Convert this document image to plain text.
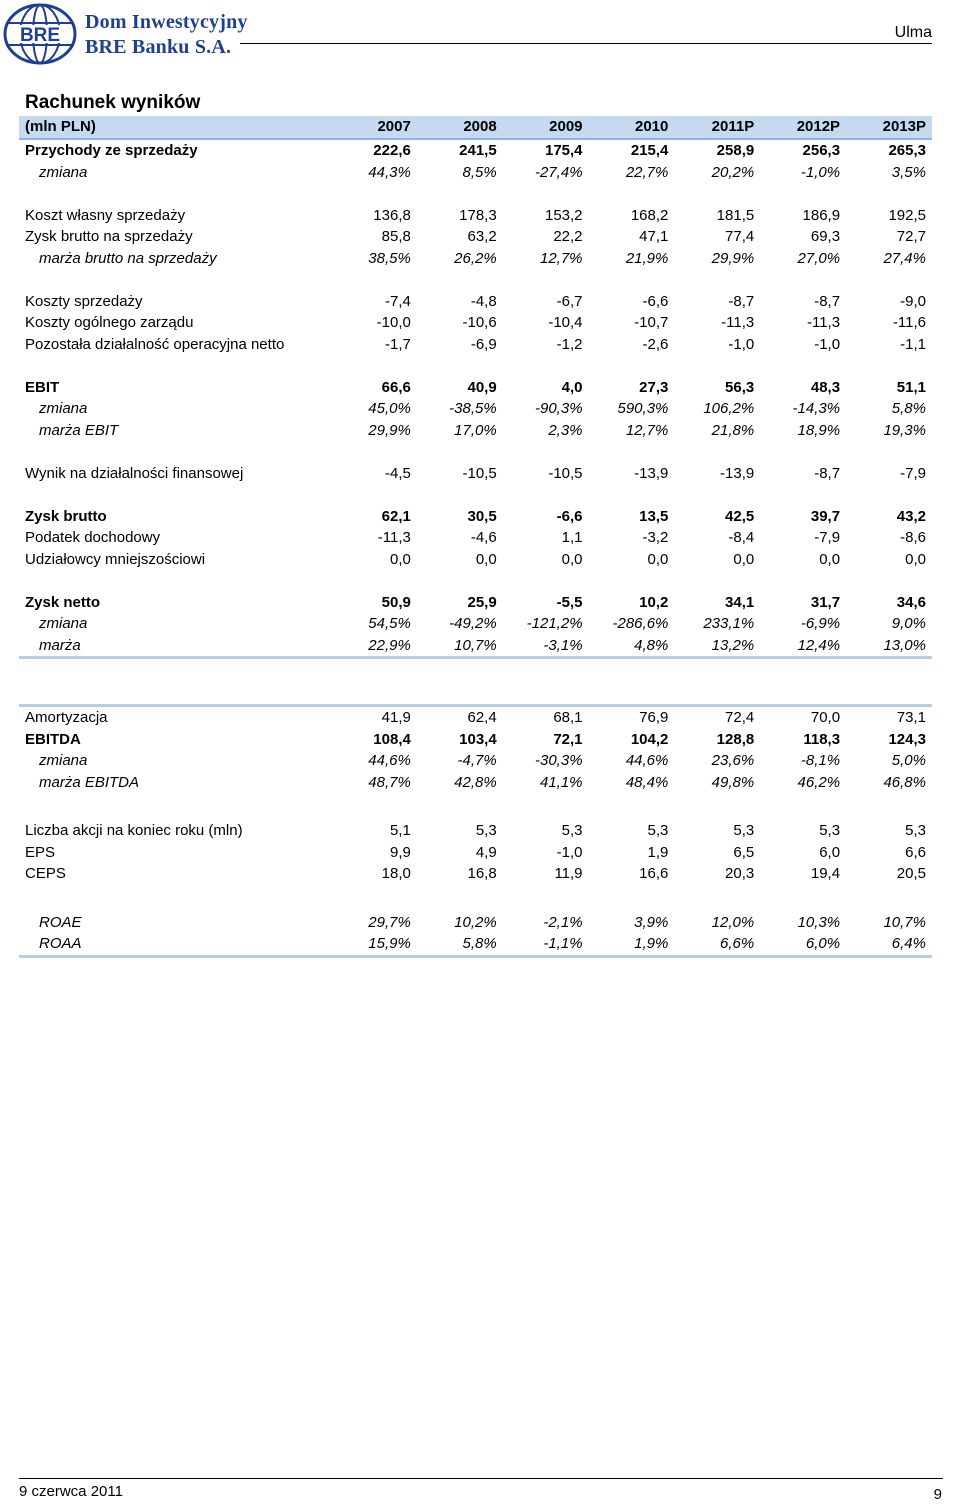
BRE
Dom Inwestycyjny
BRE Banku S.A.
Ulma
Rachunek wyników
(mln PLN)	2007	2008	2009	2010	2011P	2012P	2013P
Przychody ze sprzedaży	222,6	241,5	175,4	215,4	258,9	256,3	265,3
zmiana	44,3%	8,5%	-27,4%	22,7%	20,2%	-1,0%	3,5%

Koszt własny sprzedaży	136,8	178,3	153,2	168,2	181,5	186,9	192,5
Zysk brutto na sprzedaży	85,8	63,2	22,2	47,1	77,4	69,3	72,7
marża brutto na sprzedaży	38,5%	26,2%	12,7%	21,9%	29,9%	27,0%	27,4%

Koszty sprzedaży	-7,4	-4,8	-6,7	-6,6	-8,7	-8,7	-9,0
Koszty ogólnego zarządu	-10,0	-10,6	-10,4	-10,7	-11,3	-11,3	-11,6
Pozostała działalność operacyjna netto	-1,7	-6,9	-1,2	-2,6	-1,0	-1,0	-1,1

EBIT	66,6	40,9	4,0	27,3	56,3	48,3	51,1
zmiana	45,0%	-38,5%	-90,3%	590,3%	106,2%	-14,3%	5,8%
marża EBIT	29,9%	17,0%	2,3%	12,7%	21,8%	18,9%	19,3%

Wynik na działalności finansowej	-4,5	-10,5	-10,5	-13,9	-13,9	-8,7	-7,9

Zysk brutto	62,1	30,5	-6,6	13,5	42,5	39,7	43,2
Podatek dochodowy	-11,3	-4,6	1,1	-3,2	-8,4	-7,9	-8,6
Udziałowcy mniejszościowi	0,0	0,0	0,0	0,0	0,0	0,0	0,0

Zysk netto	50,9	25,9	-5,5	10,2	34,1	31,7	34,6
zmiana	54,5%	-49,2%	-121,2%	-286,6%	233,1%	-6,9%	9,0%
marża	22,9%	10,7%	-3,1%	4,8%	13,2%	12,4%	13,0%
Amortyzacja	41,9	62,4	68,1	76,9	72,4	70,0	73,1
EBITDA	108,4	103,4	72,1	104,2	128,8	118,3	124,3
zmiana	44,6%	-4,7%	-30,3%	44,6%	23,6%	-8,1%	5,0%
marża EBITDA	48,7%	42,8%	41,1%	48,4%	49,8%	46,2%	46,8%

Liczba akcji na koniec roku (mln)	5,1	5,3	5,3	5,3	5,3	5,3	5,3
EPS	9,9	4,9	-1,0	1,9	6,5	6,0	6,6
CEPS	18,0	16,8	11,9	16,6	20,3	19,4	20,5

ROAE	29,7%	10,2%	-2,1%	3,9%	12,0%	10,3%	10,7%
ROAA	15,9%	5,8%	-1,1%	1,9%	6,6%	6,0%	6,4%
9 czerwca 2011	9
